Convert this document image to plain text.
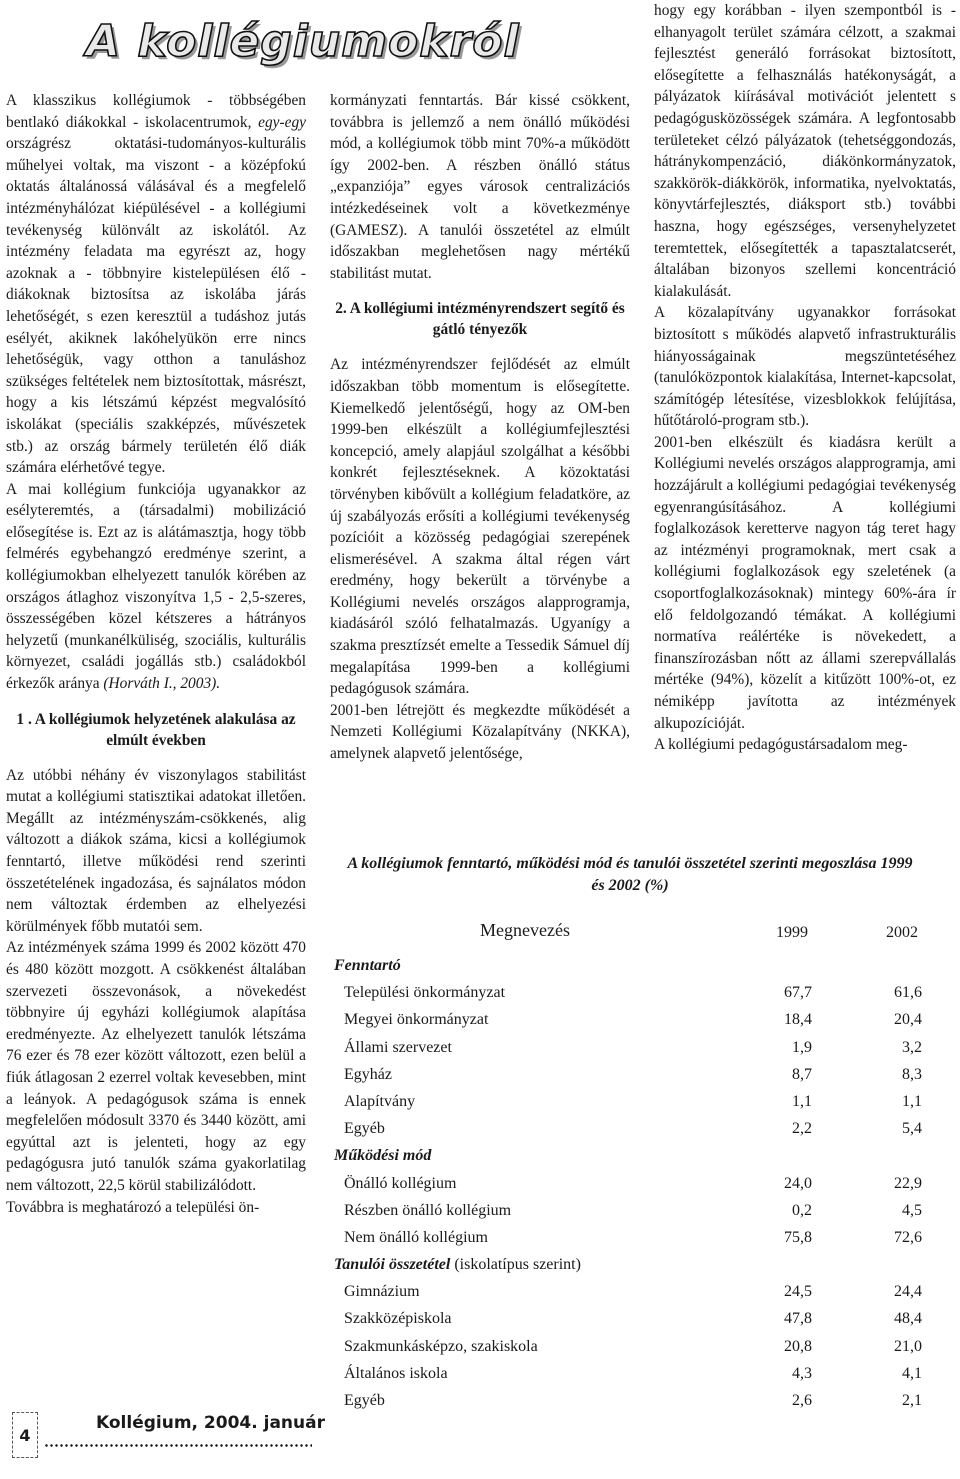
A kollégiumokról

A klasszikus kollégiumok - többségében bentlakó diákokkal - iskolacentrumok, egy-egy országrész oktatási-tudományos-kulturális műhelyei voltak, ma viszont - a középfokú oktatás általánossá válásával és a megfelelő intézményhálózat kiépülésével - a kollégiumi tevékenység különvált az iskolától. Az intézmény feladata ma egyrészt az, hogy azoknak a - többnyire kistelepülésen élő - diákoknak biztosítsa az iskolába járás lehetőségét, s ezen keresztül a tudáshoz jutás esélyét, akiknek lakóhelyükön erre nincs lehetőségük, vagy otthon a tanuláshoz szükséges feltételek nem biztosítottak, másrészt, hogy a kis létszámú képzést megvalósító iskolákat (speciális szakképzés, művészetek stb.) az ország bármely területén élő diák számára elérhetővé tegye.

A mai kollégium funkciója ugyanakkor az esélyteremtés, a (társadalmi) mobilizáció elősegítése is. Ezt az is alátámasztja, hogy több felmérés egybehangzó eredménye szerint, a kollégiumokban elhelyezett tanulók körében az országos átlaghoz viszonyítva 1,5 - 2,5-szeres, összességében közel kétszeres a hátrányos helyzetű (munkanélküliség, szociális, kulturális környezet, családi jogállás stb.) családokból érkezők aránya (Horváth I., 2003).

1 . A kollégiumok helyzetének alakulása az elmúlt években

Az utóbbi néhány év viszonylagos stabilitást mutat a kollégiumi statisztikai adatokat illetően. Megállt az intézményszám-csökkenés, alig változott a diákok száma, kicsi a kollégiumok fenntartó, illetve működési rend szerinti összetételének ingadozása, és sajnálatos módon nem változtak érdemben az elhelyezési körülmények főbb mutatói sem.

Az intézmények száma 1999 és 2002 között 470 és 480 között mozgott. A csökkenést általában szervezeti összevonások, a növekedést többnyire új egyházi kollégiumok alapítása eredményezte. Az elhelyezett tanulók létszáma 76 ezer és 78 ezer között változott, ezen belül a fiúk átlagosan 2 ezerrel voltak kevesebben, mint a leányok. A pedagógusok száma is ennek megfelelően módosult 3370 és 3440 között, ami egyúttal azt is jelenteti, hogy az egy pedagógusra jutó tanulók száma gyakorlatilag nem változott, 22,5 körül stabilizálódott.

Továbbra is meghatározó a települési ön-

kormányzati fenntartás. Bár kissé csökkent, továbbra is jellemző a nem önálló működési mód, a kollégiumok több mint 70%-a működött így 2002-ben. A részben önálló státus „expanziója” egyes városok centralizációs intézkedéseinek volt a következménye (GAMESZ). A tanulói összetétel az elmúlt időszakban meglehetősen nagy mértékű stabilitást mutat.

2. A kollégiumi intézményrendszert segítő és gátló tényezők

Az intézményrendszer fejlődését az elmúlt időszakban több momentum is elősegítette. Kiemelkedő jelentőségű, hogy az OM-ben 1999-ben elkészült a kollégiumfejlesztési koncepció, amely alapjául szolgálhat a későbbi konkrét fejlesztéseknek. A közoktatási törvényben kibővült a kollégium feladatköre, az új szabályozás erősíti a kollégiumi tevékenység pozícióit a közösség pedagógiai szerepének elismerésével. A szakma által régen várt eredmény, hogy bekerült a törvénybe a Kollégiumi nevelés országos alapprogramja, kiadásáról szóló felhatalmazás. Ugyanígy a szakma presztízsét emelte a Tessedik Sámuel díj megalapítása 1999-ben a kollégiumi pedagógusok számára.

2001-ben létrejött és megkezdte működését a Nemzeti Kollégiumi Közalapítvány (NKKA), amelynek alapvető jelentősége,

hogy egy korábban - ilyen szempontból is - elhanyagolt terület számára célzott, a szakmai fejlesztést generáló forrásokat biztosított, elősegítette a felhasználás hatékonyságát, a pályázatok kiírásával motivációt jelentett s pedagógusközösségek számára. A legfontosabb területeket célzó pályázatok (tehetséggondozás, hátránykompenzáció, diákönkormányzatok, szakkörök-diákkörök, informatika, nyelvoktatás, könyvtárfejlesztés, diáksport stb.) további haszna, hogy egészséges, versenyhelyzetet teremtettek, elősegítették a tapasztalatcserét, általában bizonyos szellemi koncentráció kialakulását.

A közalapítvány ugyanakkor forrásokat biztosított s működés alapvető infrastrukturális hiányosságainak megszüntetéséhez (tanulóközpontok kialakítása, Internet-kapcsolat, számítógép létesítése, vizesblokkok felújítása, hűtőtároló-program stb.).

2001-ben elkészült és kiadásra került a Kollégiumi nevelés országos alapprogramja, ami hozzájárult a kollégiumi pedagógiai tevékenység egyenrangúsításához. A kollégiumi foglalkozások keretterve nagyon tág teret hagy az intézményi programoknak, mert csak a kollégiumi foglalkozások egy szeletének (a csoportfoglalkozásoknak) mintegy 60%-ára ír elő feldolgozandó témákat. A kollégiumi normatíva reálértéke is növekedett, a finanszírozásban nőtt az állami szerepvállalás mértéke (94%), közelít a kitűzött 100%-ot, ez némiképp javította az intézmények alkupozícióját.

A kollégiumi pedagógustársadalom meg-

A kollégiumok fenntartó, működési mód és tanulói összetétel szerinti megoszlása 1999 és 2002 (%)
Megnevezés	1999	2002
Fenntartó
Települési önkormányzat	67,7	61,6
Megyei önkormányzat	18,4	20,4
Állami szervezet	1,9	3,2
Egyház	8,7	8,3
Alapítvány	1,1	1,1
Egyéb	2,2	5,4
Működési mód
Önálló kollégium	24,0	22,9
Részben önálló kollégium	0,2	4,5
Nem önálló kollégium	75,8	72,6
Tanulói összetétel (iskolatípus szerint)
Gimnázium	24,5	24,4
Szakközépiskola	47,8	48,4
Szakmunkásképzo, szakiskola	20,8	21,0
Általános iskola	4,3	4,1
Egyéb	2,6	2,1
4
Kollégium, 2004. január
